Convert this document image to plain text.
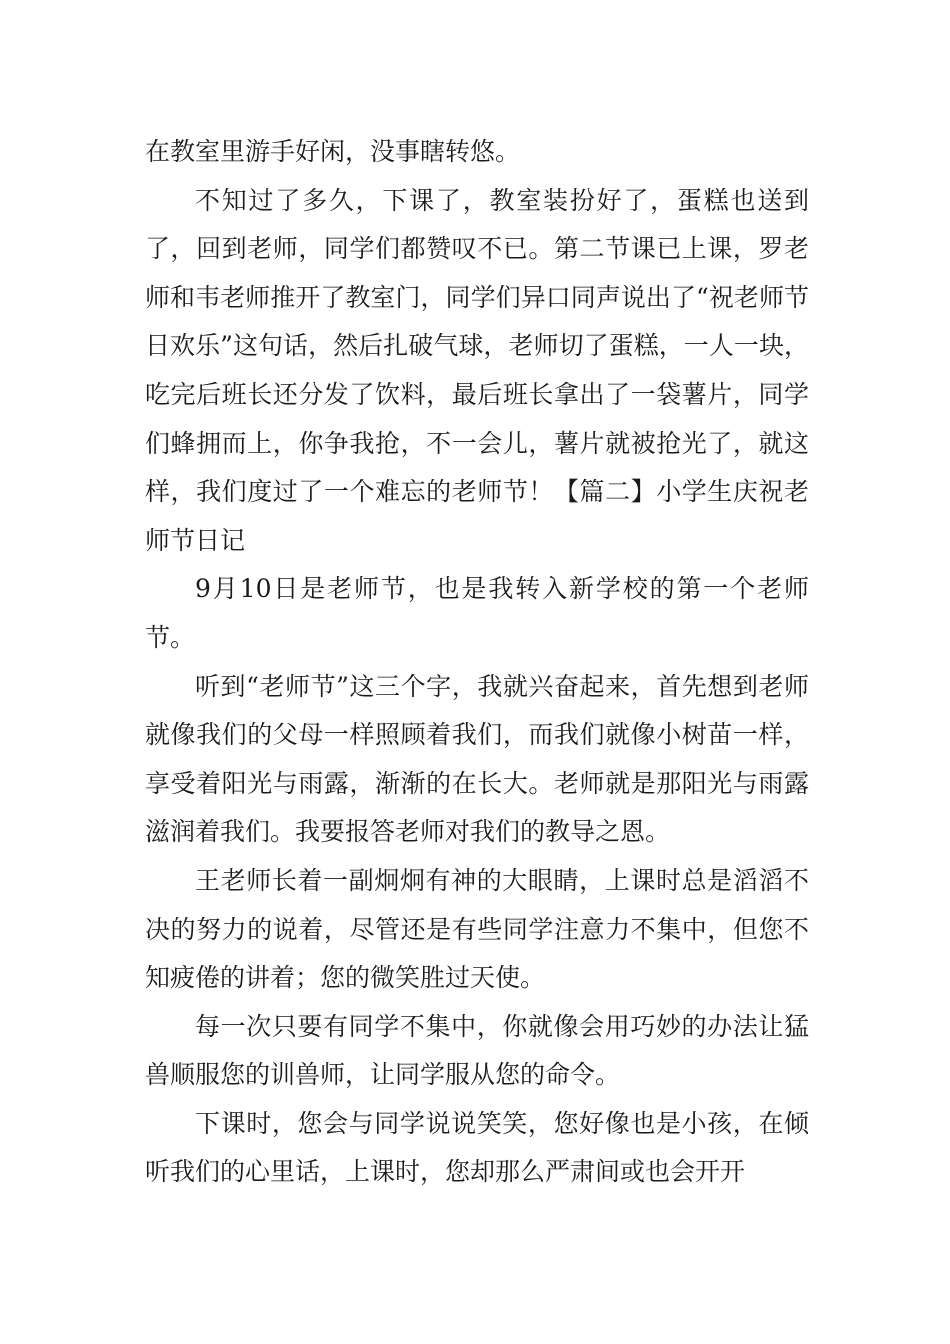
在教室里游手好闲，没事瞎转悠。

不知过了多久，下课了，教室装扮好了，蛋糕也送到了，回到老师，同学们都赞叹不已。第二节课已上课，罗老师和韦老师推开了教室门，同学们异口同声说出了“祝老师节日欢乐”这句话，然后扎破气球，老师切了蛋糕，一人一块，吃完后班长还分发了饮料，最后班长拿出了一袋薯片，同学们蜂拥而上，你争我抢，不一会儿，薯片就被抢光了，就这样，我们度过了一个难忘的老师节！【篇二】小学生庆祝老师节日记

9月10日是老师节，也是我转入新学校的第一个老师节。

听到“老师节”这三个字，我就兴奋起来，首先想到老师就像我们的父母一样照顾着我们，而我们就像小树苗一样，享受着阳光与雨露，渐渐的在长大。老师就是那阳光与雨露滋润着我们。我要报答老师对我们的教导之恩。

王老师长着一副炯炯有神的大眼睛，上课时总是滔滔不决的努力的说着，尽管还是有些同学注意力不集中，但您不知疲倦的讲着；您的微笑胜过天使。

每一次只要有同学不集中，你就像会用巧妙的办法让猛兽顺服您的训兽师，让同学服从您的命令。

下课时，您会与同学说说笑笑，您好像也是小孩，在倾听我们的心里话，上课时，您却那么严肃间或也会开开
